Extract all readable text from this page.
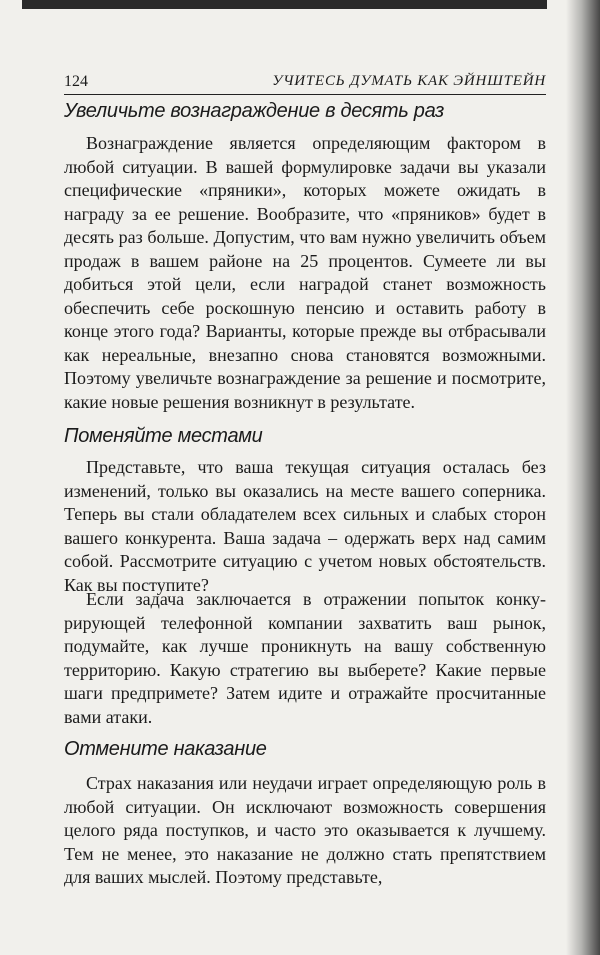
124	УЧИТЕСЬ ДУМАТЬ КАК ЭЙНШТЕЙН
Увеличьте вознаграждение в десять раз

Вознаграждение является определяющим фактором в любой ситуации. В вашей формулировке задачи вы указали специфические «пряники», которых можете ожидать в награду за ее решение. Вообразите, что «пряников» будет в десять раз больше. Допустим, что вам нужно увеличить объем продаж в вашем районе на 25 процентов. Сумеете ли вы добиться этой цели, если наградой станет возможность обеспечить себе роскошную пенсию и оставить работу в конце этого года? Варианты, которые прежде вы отбрасывали как нереальные, внезапно снова становятся возможными. Поэтому увеличьте вознаграждение за решение и посмотрите, какие новые решения возникнут в результате.

Поменяйте местами

Представьте, что ваша текущая ситуация осталась без изменений, только вы оказались на месте вашего соперника. Теперь вы стали обладателем всех сильных и слабых сторон вашего конкурента. Ваша задача – одержать верх над самим собой. Рассмотрите ситуацию с учетом новых обстоятельств. Как вы поступите?

Если задача заключается в отражении попыток конкурирующей телефонной компании захватить ваш рынок, подумайте, как лучше проникнуть на вашу собственную территорию. Какую стратегию вы выберете? Какие первые шаги предпримете? Затем идите и отражайте просчитанные вами атаки.

Отмените наказание

Страх наказания или неудачи играет определяющую роль в любой ситуации. Он исключают возможность совершения целого ряда поступков, и часто это оказывается к лучшему. Тем не менее, это наказание не должно стать препятствием для ваших мыслей. Поэтому представьте,
